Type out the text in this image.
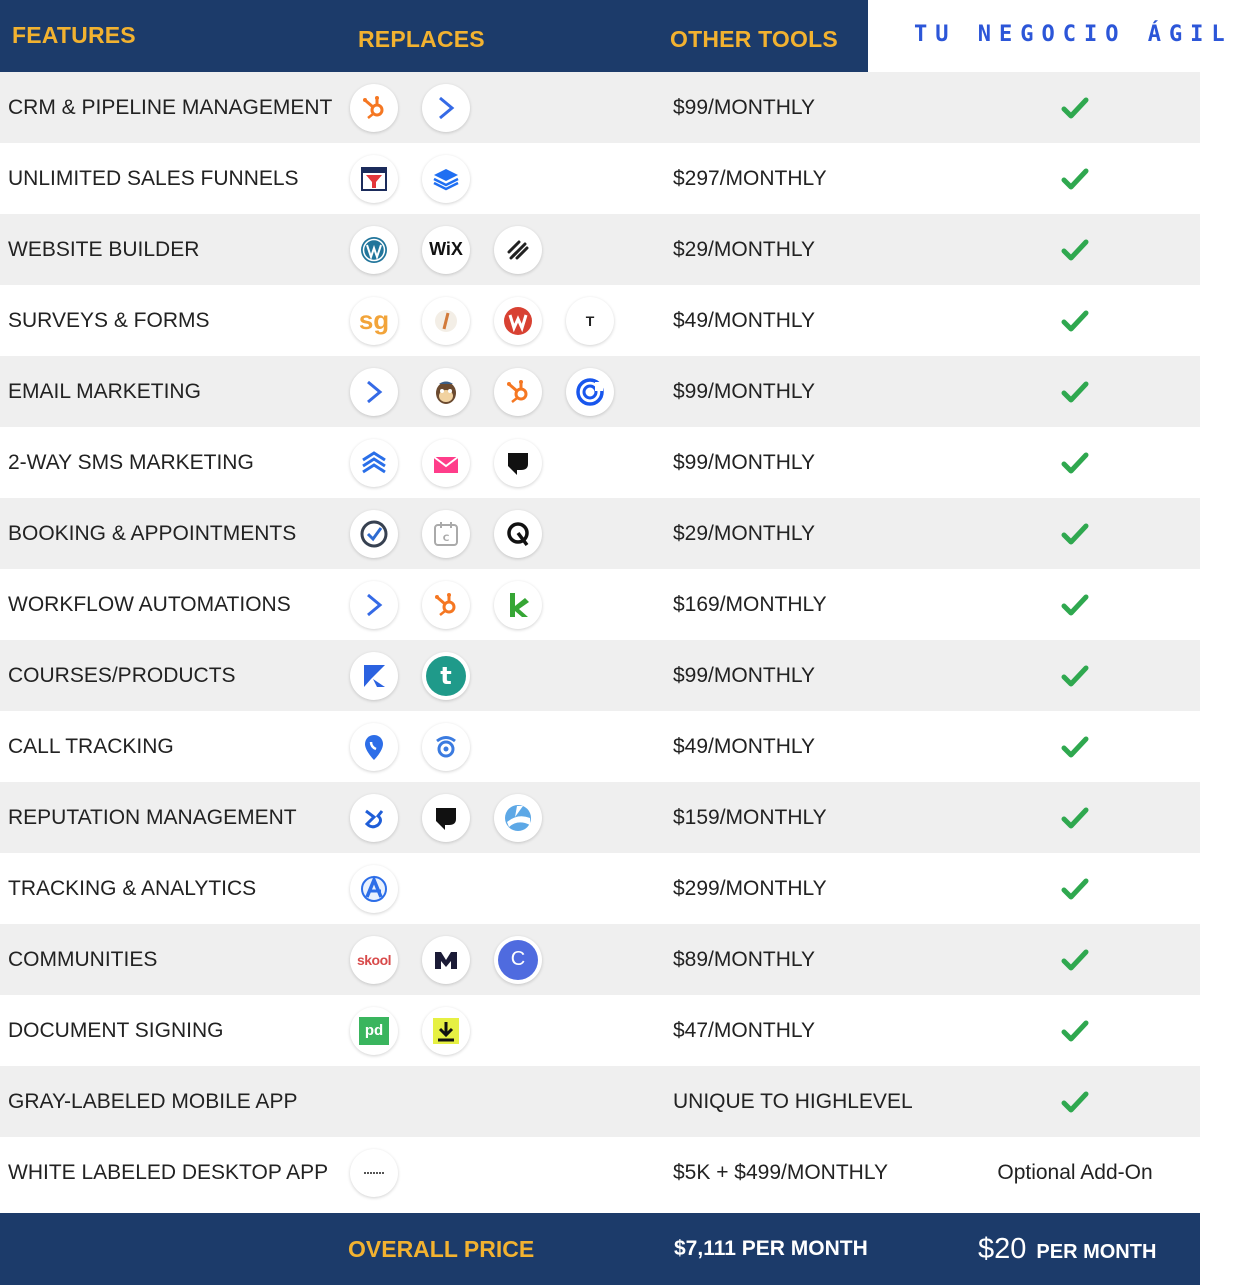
FEATURES	REPLACES	OTHER TOOLS	TU NEGOCIO ÁGIL
CRM & PIPELINE MANAGEMENT	$99/MONTHLY
UNLIMITED SALES FUNNELS	$297/MONTHLY
WEBSITE BUILDER	WiX	$29/MONTHLY
SURVEYS & FORMS	sg	T	$49/MONTHLY
EMAIL MARKETING	$99/MONTHLY
2-WAY SMS MARKETING	$99/MONTHLY
BOOKING & APPOINTMENTS	C	$29/MONTHLY
WORKFLOW AUTOMATIONS	$169/MONTHLY
COURSES/PRODUCTS	t	$99/MONTHLY
CALL TRACKING	$49/MONTHLY
REPUTATION MANAGEMENT	$159/MONTHLY
TRACKING & ANALYTICS	$299/MONTHLY
COMMUNITIES	skool	C	$89/MONTHLY
DOCUMENT SIGNING	pd	$47/MONTHLY
GRAY-LABELED MOBILE APP	UNIQUE TO HIGHLEVEL
WHITE LABELED DESKTOP APP	$5K + $499/MONTHLY	Optional Add-On
OVERALL PRICE	$7,111 PER MONTH	$20 PER MONTH
